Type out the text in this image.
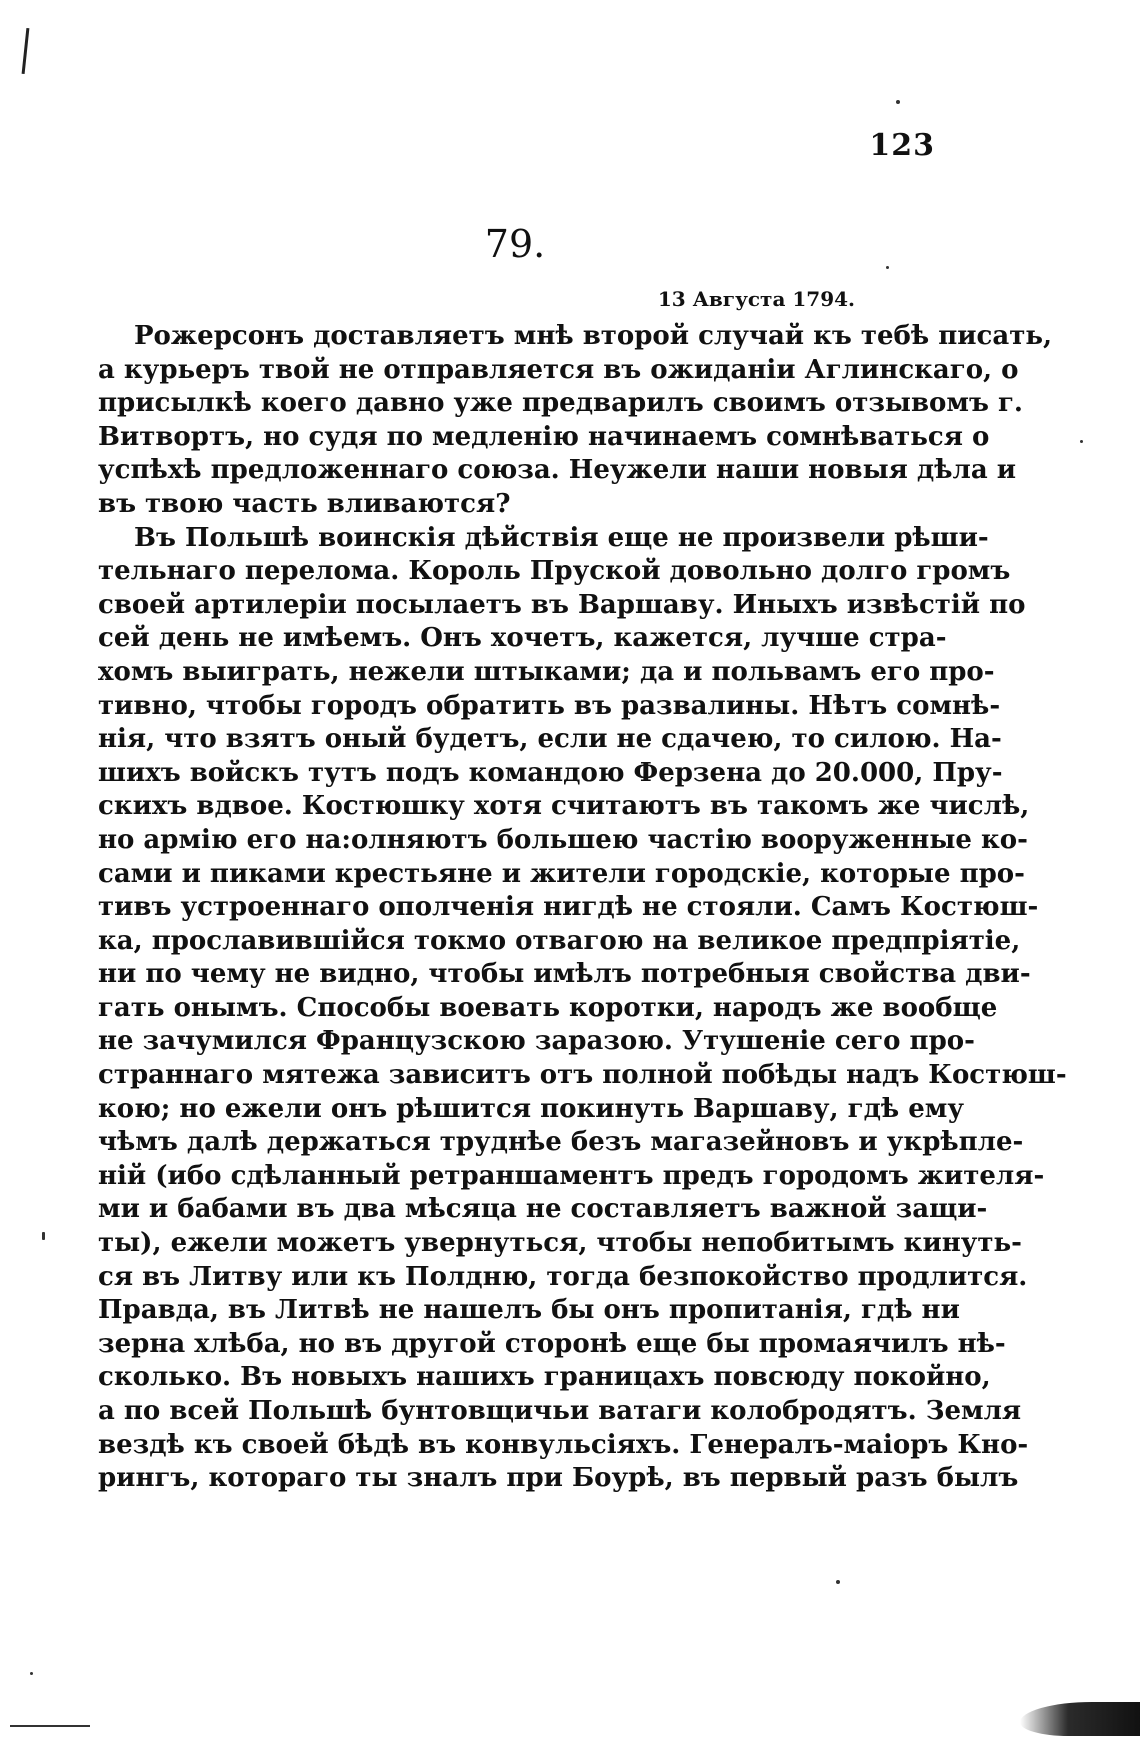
123
79.
13 Августа 1794.
Рожерсонъ доставляетъ мнѣ второй случай къ тебѣ писать,
а курьеръ твой не отправляется въ ожиданіи Аглинскаго, о
присылкѣ коего давно уже предварилъ своимъ отзывомъ г.
Витвортъ, но судя по медленію начинаемъ сомнѣваться о
успѣхѣ предложеннаго союза. Неужели наши новыя дѣла и
въ твою часть вливаются?
Въ Польшѣ воинскія дѣйствія еще не произвели рѣши-
тельнаго перелома. Король Пруской довольно долго громъ
своей артилеріи посылаетъ въ Варшаву. Иныхъ извѣстій по
сей день не имѣемъ. Онъ хочетъ, кажется, лучше стра-
хомъ выиграть, нежели штыками; да и польвамъ его про-
тивно, чтобы городъ обратить въ развалины. Нѣтъ сомнѣ-
нія, что взятъ оный будетъ, если не сдачею, то силою. На-
шихъ войскъ тутъ подъ командою Ферзена до 20.000, Пру-
скихъ вдвое. Костюшку хотя считаютъ въ такомъ же числѣ,
но армію его на:олняютъ большею частію вооруженные ко-
сами и пиками крестьяне и жители городскіе, которые про-
тивъ устроеннаго ополченія нигдѣ не стояли. Самъ Костюш-
ка, прославившійся токмо отвагою на великое предпріятіе,
ни по чему не видно, чтобы имѣлъ потребныя свойства дви-
гать онымъ. Способы воевать коротки, народъ же вообще
не зачумился Французскою заразою. Утушеніе сего про-
страннаго мятежа зависитъ отъ полной побѣды надъ Костюш-
кою; но ежели онъ рѣшится покинуть Варшаву, гдѣ ему
чѣмъ далѣ держаться труднѣе безъ магазейновъ и укрѣпле-
ній (ибо сдѣланный ретраншаментъ предъ городомъ жителя-
ми и бабами въ два мѣсяца не составляетъ важной защи-
ты), ежели можетъ увернуться, чтобы непобитымъ кинуть-
ся въ Литву или къ Полдню, тогда безпокойство продлится.
Правда, въ Литвѣ не нашелъ бы онъ пропитанія, гдѣ ни
зерна хлѣба, но въ другой сторонѣ еще бы промаячилъ нѣ-
сколько. Въ новыхъ нашихъ границахъ повсюду покойно,
а по всей Польшѣ бунтовщичьи ватаги колобродятъ. Земля
вездѣ къ своей бѣдѣ въ конвульсіяхъ. Генералъ-маіоръ Кно-
рингъ, котораго ты зналъ при Боурѣ, въ первый разъ былъ
